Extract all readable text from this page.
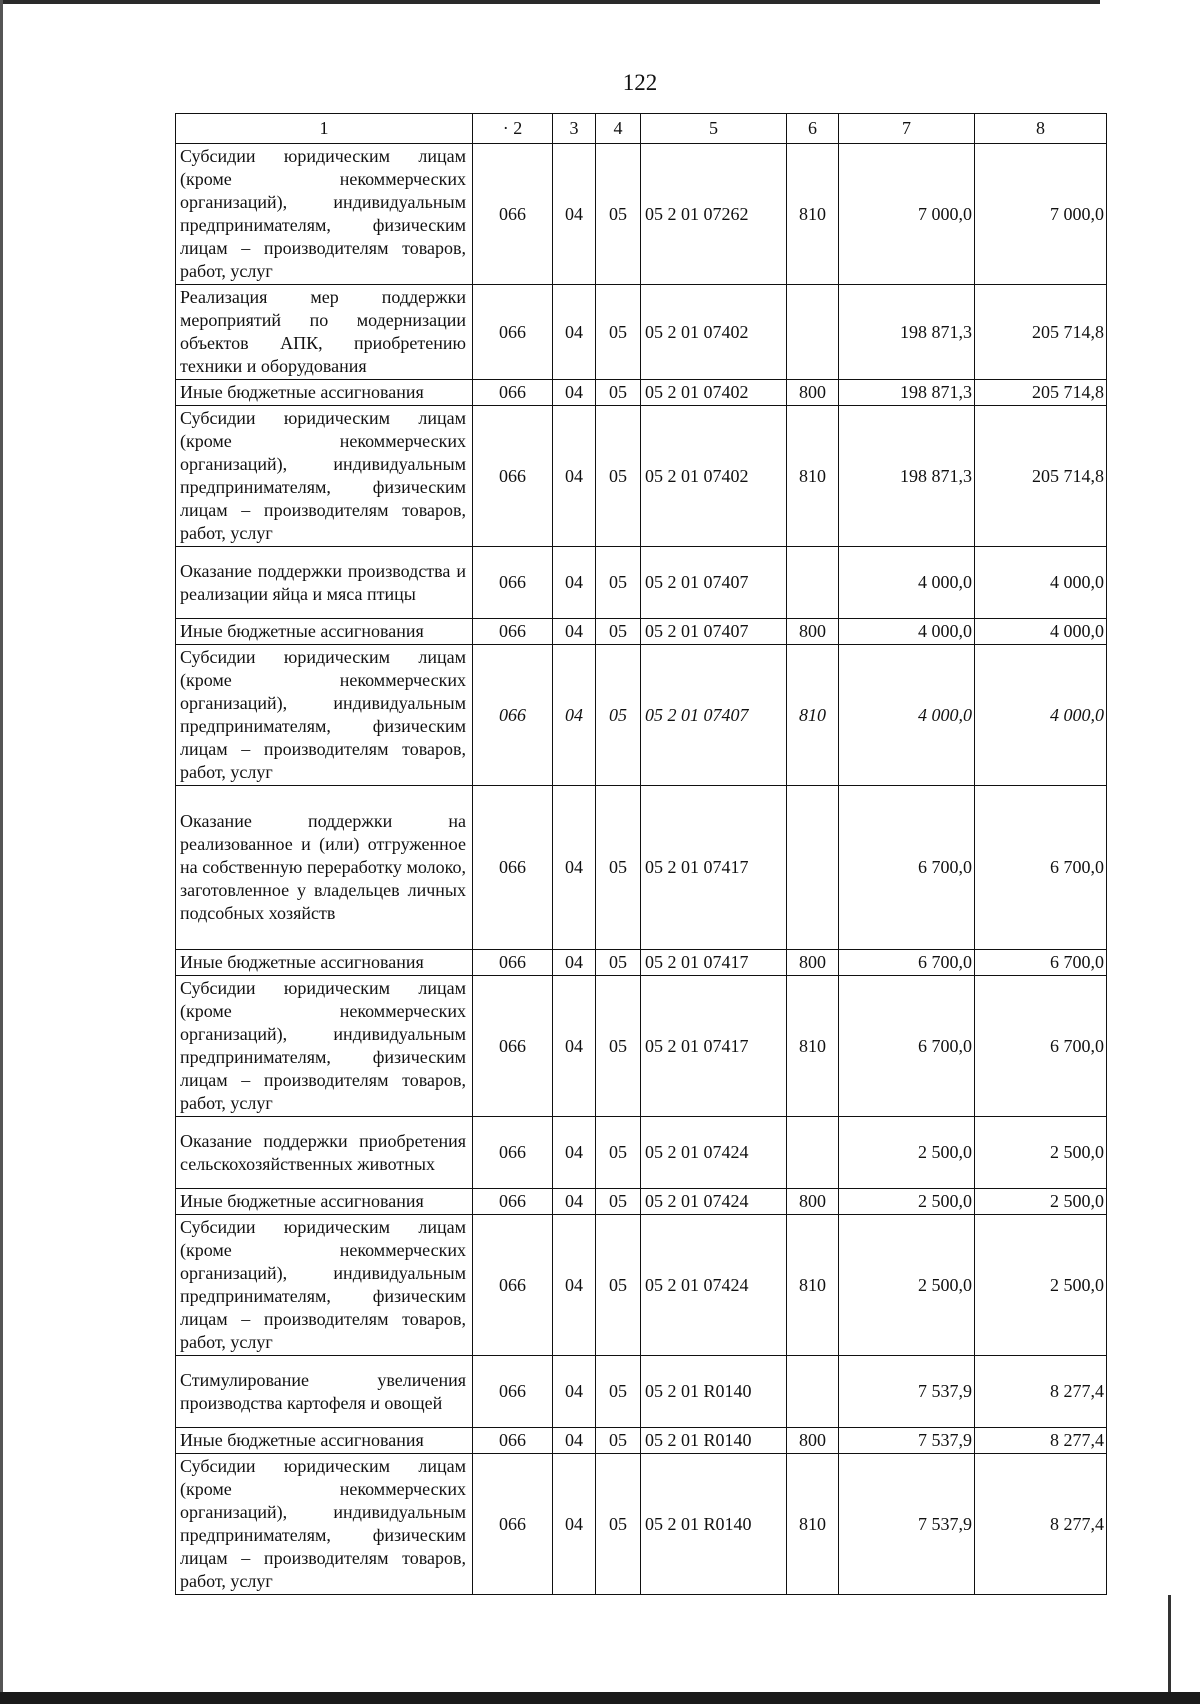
122
1	· 2	3	4	5	6	7	8
Субсидии юридическим лицам (кроме некоммерческих организаций), индивидуальным предпринимателям, физическим лицам – производителям товаров, работ, услуг	066	04	05	05 2 01 07262	810	7 000,0	7 000,0
Реализация мер поддержки мероприятий по модернизации объектов АПК, приобретению техники и оборудования	066	04	05	05 2 01 07402		198 871,3	205 714,8
Иные бюджетные ассигнования	066	04	05	05 2 01 07402	800	198 871,3	205 714,8
Субсидии юридическим лицам (кроме некоммерческих организаций), индивидуальным предпринимателям, физическим лицам – производителям товаров, работ, услуг	066	04	05	05 2 01 07402	810	198 871,3	205 714,8
Оказание поддержки производства и реализации яйца и мяса птицы	066	04	05	05 2 01 07407		4 000,0	4 000,0
Иные бюджетные ассигнования	066	04	05	05 2 01 07407	800	4 000,0	4 000,0
Субсидии юридическим лицам (кроме некоммерческих организаций), индивидуальным предпринимателям, физическим лицам – производителям товаров, работ, услуг	066	04	05	05 2 01 07407	810	4 000,0	4 000,0
Оказание поддержки на реализованное и (или) отгруженное на собственную переработку молоко, заготовленное у владельцев личных подсобных хозяйств	066	04	05	05 2 01 07417		6 700,0	6 700,0
Иные бюджетные ассигнования	066	04	05	05 2 01 07417	800	6 700,0	6 700,0
Субсидии юридическим лицам (кроме некоммерческих организаций), индивидуальным предпринимателям, физическим лицам – производителям товаров, работ, услуг	066	04	05	05 2 01 07417	810	6 700,0	6 700,0
Оказание поддержки приобретения сельскохозяйственных животных	066	04	05	05 2 01 07424		2 500,0	2 500,0
Иные бюджетные ассигнования	066	04	05	05 2 01 07424	800	2 500,0	2 500,0
Субсидии юридическим лицам (кроме некоммерческих организаций), индивидуальным предпринимателям, физическим лицам – производителям товаров, работ, услуг	066	04	05	05 2 01 07424	810	2 500,0	2 500,0
Стимулирование увеличения производства картофеля и овощей	066	04	05	05 2 01 R0140		7 537,9	8 277,4
Иные бюджетные ассигнования	066	04	05	05 2 01 R0140	800	7 537,9	8 277,4
Субсидии юридическим лицам (кроме некоммерческих организаций), индивидуальным предпринимателям, физическим лицам – производителям товаров, работ, услуг	066	04	05	05 2 01 R0140	810	7 537,9	8 277,4
